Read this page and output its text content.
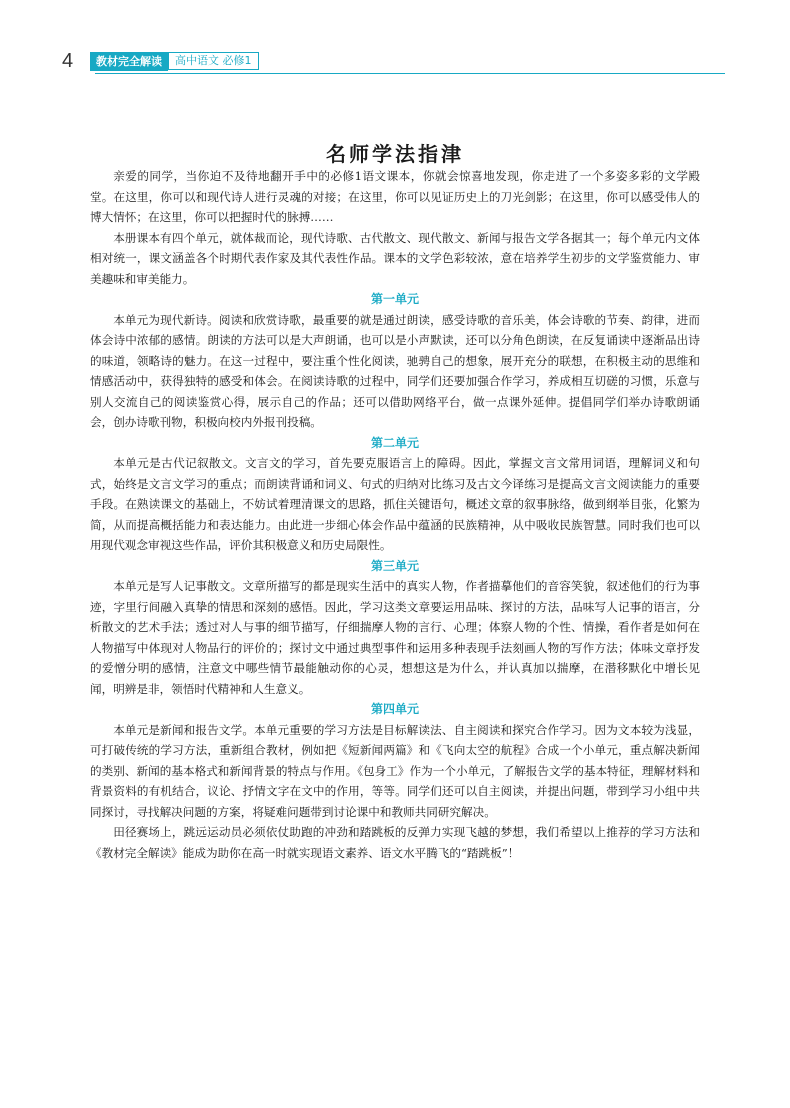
4	教材完全解读	高中语文 必修1
名师学法指津

亲爱的同学，当你迫不及待地翻开手中的必修1语文课本，你就会惊喜地发现，你走进了一个多姿多彩的文学殿堂。在这里，你可以和现代诗人进行灵魂的对接；在这里，你可以见证历史上的刀光剑影；在这里，你可以感受伟人的博大情怀；在这里，你可以把握时代的脉搏……

本册课本有四个单元，就体裁而论，现代诗歌、古代散文、现代散文、新闻与报告文学各据其一；每个单元内文体相对统一，课文涵盖各个时期代表作家及其代表性作品。课本的文学色彩较浓，意在培养学生初步的文学鉴赏能力、审美趣味和审美能力。

第一单元

本单元为现代新诗。阅读和欣赏诗歌，最重要的就是通过朗读，感受诗歌的音乐美，体会诗歌的节奏、韵律，进而体会诗中浓郁的感情。朗读的方法可以是大声朗诵，也可以是小声默读，还可以分角色朗读，在反复诵读中逐渐品出诗的味道，领略诗的魅力。在这一过程中，要注重个性化阅读，驰骋自己的想象，展开充分的联想，在积极主动的思维和情感活动中，获得独特的感受和体会。在阅读诗歌的过程中，同学们还要加强合作学习，养成相互切磋的习惯，乐意与别人交流自己的阅读鉴赏心得，展示自己的作品；还可以借助网络平台，做一点课外延伸。提倡同学们举办诗歌朗诵会，创办诗歌刊物，积极向校内外报刊投稿。

第二单元

本单元是古代记叙散文。文言文的学习，首先要克服语言上的障碍。因此，掌握文言文常用词语，理解词义和句式，始终是文言文学习的重点；而朗读背诵和词义、句式的归纳对比练习及古文今译练习是提高文言文阅读能力的重要手段。在熟读课文的基础上，不妨试着理清课文的思路，抓住关键语句，概述文章的叙事脉络，做到纲举目张，化繁为简，从而提高概括能力和表达能力。由此进一步细心体会作品中蕴涵的民族精神，从中吸收民族智慧。同时我们也可以用现代观念审视这些作品，评价其积极意义和历史局限性。

第三单元

本单元是写人记事散文。文章所描写的都是现实生活中的真实人物，作者描摹他们的音容笑貌，叙述他们的行为事迹，字里行间融入真挚的情思和深刻的感悟。因此，学习这类文章要运用品味、探讨的方法，品味写人记事的语言，分析散文的艺术手法；透过对人与事的细节描写，仔细揣摩人物的言行、心理；体察人物的个性、情操，看作者是如何在人物描写中体现对人物品行的评价的；探讨文中通过典型事件和运用多种表现手法刻画人物的写作方法；体味文章抒发的爱憎分明的感情，注意文中哪些情节最能触动你的心灵，想想这是为什么，并认真加以揣摩，在潜移默化中增长见闻，明辨是非，领悟时代精神和人生意义。

第四单元

本单元是新闻和报告文学。本单元重要的学习方法是目标解读法、自主阅读和探究合作学习。因为文本较为浅显，可打破传统的学习方法，重新组合教材，例如把《短新闻两篇》和《飞向太空的航程》合成一个小单元，重点解决新闻的类别、新闻的基本格式和新闻背景的特点与作用。《包身工》作为一个小单元，了解报告文学的基本特征，理解材料和背景资料的有机结合，议论、抒情文字在文中的作用，等等。同学们还可以自主阅读，并提出问题，带到学习小组中共同探讨，寻找解决问题的方案，将疑难问题带到讨论课中和教师共同研究解决。

田径赛场上，跳远运动员必须依仗助跑的冲劲和踏跳板的反弹力实现飞越的梦想，我们希望以上推荐的学习方法和《教材完全解读》能成为助你在高一时就实现语文素养、语文水平腾飞的“踏跳板”！
